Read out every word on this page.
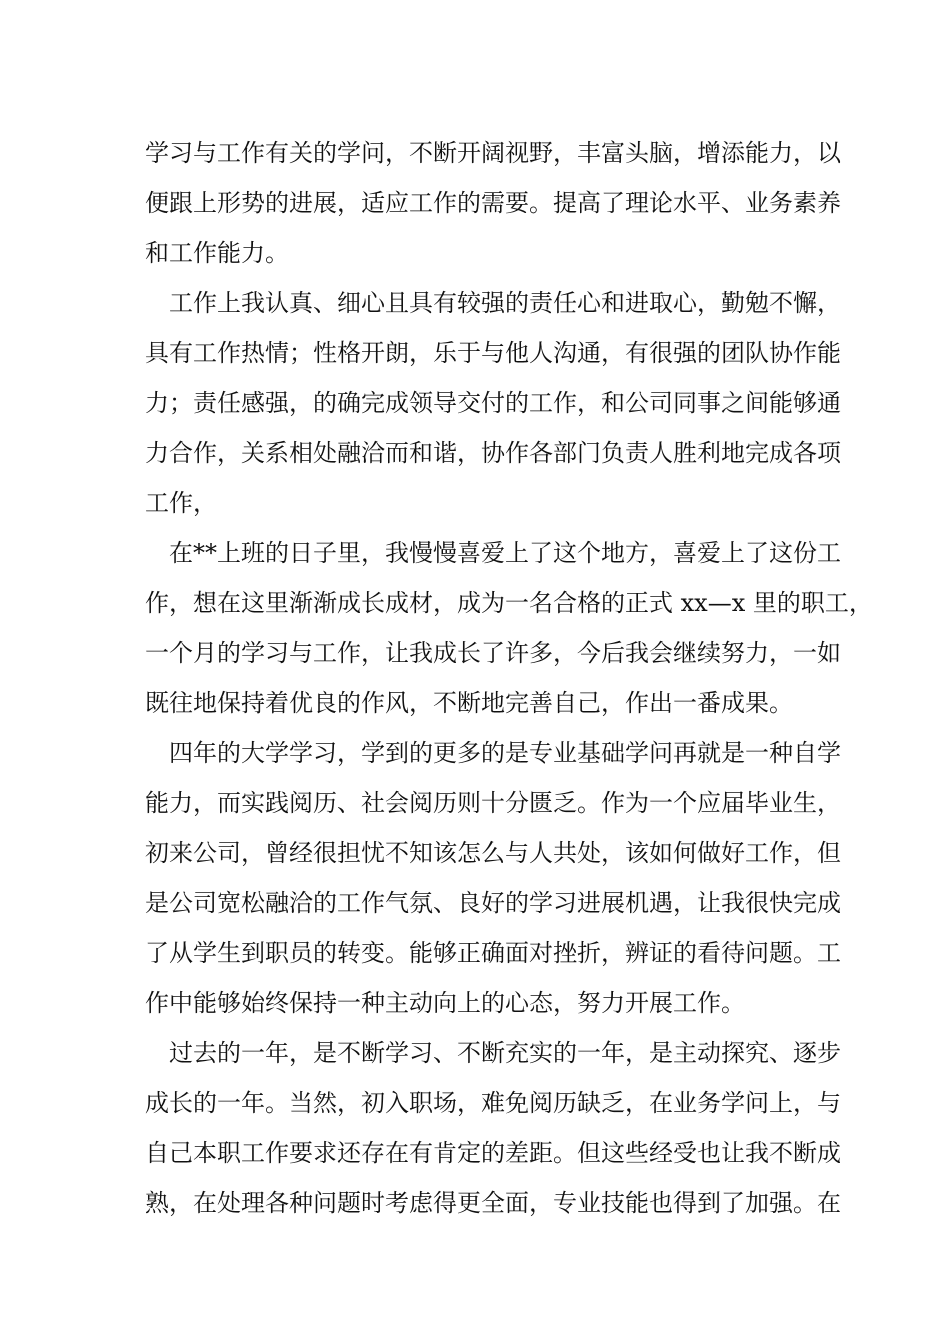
学习与工作有关的学问，不断开阔视野，丰富头脑，增添能力，以
便跟上形势的进展，适应工作的需要。提高了理论水平、业务素养
和工作能力。

工作上我认真、细心且具有较强的责任心和进取心，勤勉不懈，
具有工作热情；性格开朗，乐于与他人沟通，有很强的团队协作能
力；责任感强，的确完成领导交付的工作，和公司同事之间能够通
力合作，关系相处融洽而和谐，协作各部门负责人胜利地完成各项
工作，

在**上班的日子里，我慢慢喜爱上了这个地方，喜爱上了这份工
作，想在这里渐渐成长成材，成为一名合格的正式 xx—x 里的职工，
一个月的学习与工作，让我成长了许多，今后我会继续努力，一如
既往地保持着优良的作风，不断地完善自己，作出一番成果。

四年的大学学习，学到的更多的是专业基础学问再就是一种自学
能力，而实践阅历、社会阅历则十分匮乏。作为一个应届毕业生，
初来公司，曾经很担忧不知该怎么与人共处，该如何做好工作，但
是公司宽松融洽的工作气氛、良好的学习进展机遇，让我很快完成
了从学生到职员的转变。能够正确面对挫折，辨证的看待问题。工
作中能够始终保持一种主动向上的心态，努力开展工作。

过去的一年，是不断学习、不断充实的一年，是主动探究、逐步
成长的一年。当然，初入职场，难免阅历缺乏，在业务学问上，与
自己本职工作要求还存在有肯定的差距。但这些经受也让我不断成
熟，在处理各种问题时考虑得更全面，专业技能也得到了加强。在
